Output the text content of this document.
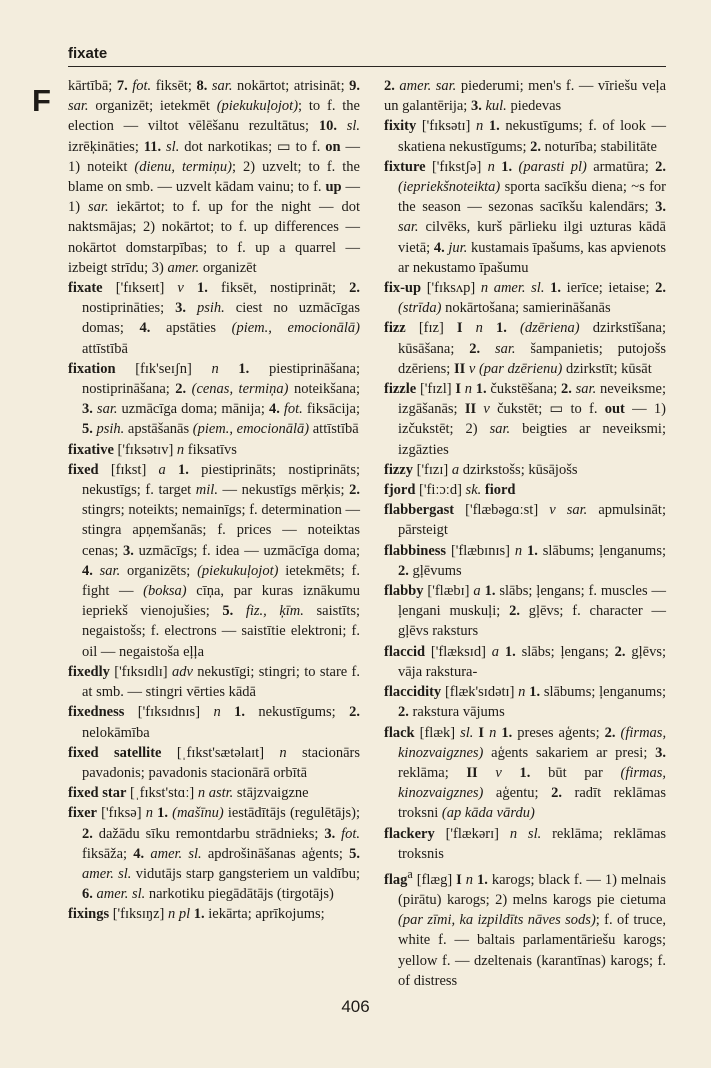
fixate
F kārtībā; 7. fot. fiksēt; 8. sar. nokārtot; atrisināt; 9. sar. organizēt; ietekmēt (piekukuļojot); to f. the election — viltot vēlēšanu rezultātus; 10. sl. izrēķināties; 11. sl. dot narkotikas; ▭ to f. on — 1) noteikt (dienu, termiņu); 2) uzvelt; to f. the blame on smb. — uzvelt kādam vainu; to f. up — 1) sar. iekārtot; to f. up for the night — dot naktsmājas; 2) nokārtot; to f. up differences — nokārtot domstarpības; to f. up a quarrel — izbeigt strīdu; 3) amer. organizēt

fixate ['fɪkseɪt] v 1. fiksēt, nostiprināt; 2. nostiprināties; 3. psih. ciest no uzmācīgas domas; 4. apstāties (piem., emocionālā) attīstībā

fixation [fɪk'seɪʃn] n 1. piestiprināšana; nostiprināšana; 2. (cenas, termiņa) noteikšana; 3. sar. uzmācīga doma; mānija; 4. fot. fiksācija; 5. psih. apstāšanās (piem., emocionālā) attīstībā

fixative ['fɪksətɪv] n fiksatīvs

fixed [fɪkst] a 1. piestiprināts; nostiprināts; nekustīgs; f. target mil. — nekustīgs mērķis; 2. stingrs; noteikts; nemainīgs; f. determination — stingra apņemšanās; f. prices — noteiktas cenas; 3. uzmācīgs; f. idea — uzmācīga doma; 4. sar. organizēts; (piekukuļojot) ietekmēts; f. fight — (boksa) cīņa, par kuras iznākumu iepriekš vienojušies; 5. fiz., ķīm. saistīts; negaistošs; f. electrons — saistītie elektroni; f. oil — negaistoša eļļa

fixedly ['fɪksɪdlɪ] adv nekustīgi; stingri; to stare f. at smb. — stingri vērties kādā

fixedness ['fɪksɪdnɪs] n 1. nekustīgums; 2. nelokāmība

fixed satellite [ˌfɪkst'sætəlaɪt] n stacionārs pavadonis; pavadonis stacionārā orbītā

fixed star [ˌfɪkst'stɑː] n astr. stājzvaigzne

fixer ['fɪksə] n 1. (mašīnu) iestādītājs (regulētājs); 2. dažādu sīku remontdarbu strādnieks; 3. fot. fiksāža; 4. amer. sl. apdrošināšanas aģents; 5. amer. sl. vidutājs starp gangsteriem un valdību; 6. amer. sl. narkotiku piegādātājs (tirgotājs)

fixings ['fɪksɪŋz] n pl 1. iekārta; aprīkojums;

2. amer. sar. piederumi; men's f. — vīriešu veļa un galantērija; 3. kul. piedevas

fixity ['fɪksətɪ] n 1. nekustīgums; f. of look — skatiena nekustīgums; 2. noturība; stabilitāte

fixture ['fɪkstʃə] n 1. (parasti pl) armatūra; 2. (iepriekšnoteikta) sporta sacīkšu diena; ~s for the season — sezonas sacīkšu kalendārs; 3. sar. cilvēks, kurš pārlieku ilgi uzturas kādā vietā; 4. jur. kustamais īpašums, kas apvienots ar nekustamo īpašumu

fix-up ['fɪksʌp] n amer. sl. 1. ierīce; ietaise; 2. (strīda) nokārtošana; samierināšanās

fizz [fɪz] I n 1. (dzēriena) dzirkstīšana; kūsāšana; 2. sar. šampanietis; putojošs dzēriens; II v (par dzērienu) dzirkstīt; kūsāt

fizzle ['fɪzl] I n 1. čukstēšana; 2. sar. neveiksme; izgāšanās; II v čukstēt; ▭ to f. out — 1) izčukstēt; 2) sar. beigties ar neveiksmi; izgāzties

fizzy ['fɪzɪ] a dzirkstošs; kūsājošs

fjord ['fiːɔːd] sk. fiord

flabbergast ['flæbəgɑːst] v sar. apmulsināt; pārsteigt

flabbiness ['flæbɪnɪs] n 1. slābums; ļenganums; 2. gļēvums

flabby ['flæbɪ] a 1. slābs; ļengans; f. muscles — ļengani muskuļi; 2. gļēvs; f. character — gļēvs raksturs

flaccid ['flæksɪd] a 1. slābs; ļengans; 2. gļēvs; vāja rakstura-

flaccidity [flæk'sɪdətɪ] n 1. slābums; ļenganums; 2. rakstura vājums

flack [flæk] sl. I n 1. preses aģents; 2. (firmas, kinozvaigznes) aģents sakariem ar presi; 3. reklāma; II v 1. būt par (firmas, kinozvaigznes) aģentu; 2. radīt reklāmas troksni (ap kāda vārdu)

flackery ['flækərɪ] n sl. reklāma; reklāmas troksnis

flag$^a$ [flæg] I n 1. karogs; black f. — 1) melnais (pirātu) karogs; 2) melns karogs pie cietuma (par zīmi, ka izpildīts nāves sods); f. of truce, white f. — baltais parlamentāriešu karogs; yellow f. — dzeltenais (karantīnas) karogs; f. of distress

406
